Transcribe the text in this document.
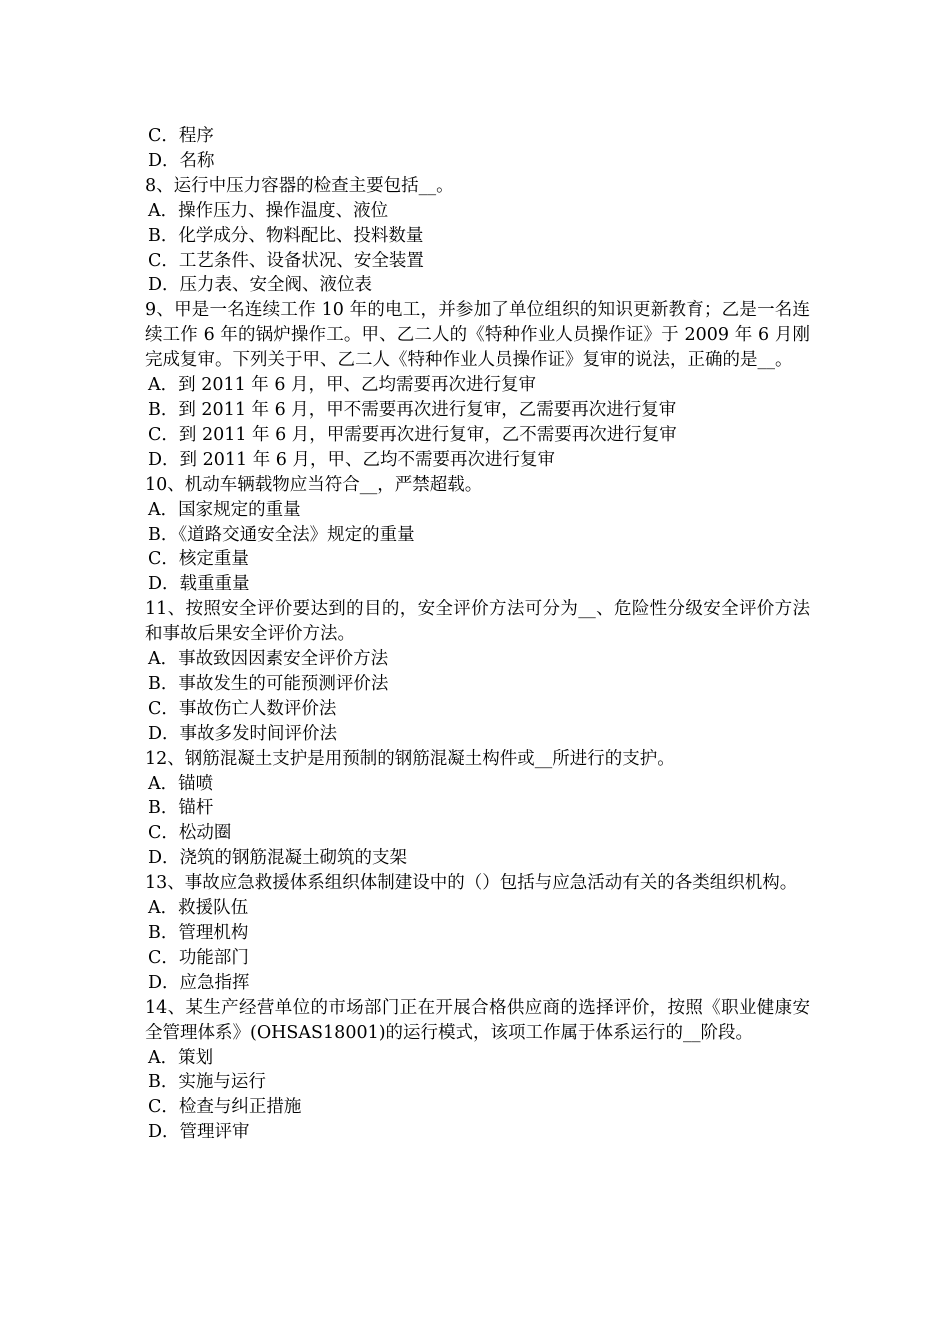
C．程序
D．名称
8、运行中压力容器的检查主要包括__。
A．操作压力、操作温度、液位
B．化学成分、物料配比、投料数量
C．工艺条件、设备状况、安全装置
D．压力表、安全阀、液位表
9、甲是一名连续工作 10 年的电工，并参加了单位组织的知识更新教育；乙是一名连续工作 6 年的锅炉操作工。甲、乙二人的《特种作业人员操作证》于 2009 年 6 月刚完成复审。下列关于甲、乙二人《特种作业人员操作证》复审的说法，正确的是__。
A．到 2011 年 6 月，甲、乙均需要再次进行复审
B．到 2011 年 6 月，甲不需要再次进行复审，乙需要再次进行复审
C．到 2011 年 6 月，甲需要再次进行复审，乙不需要再次进行复审
D．到 2011 年 6 月，甲、乙均不需要再次进行复审
10、机动车辆载物应当符合__，严禁超载。
A．国家规定的重量
B．《道路交通安全法》规定的重量
C．核定重量
D．载重重量
11、按照安全评价要达到的目的，安全评价方法可分为__、危险性分级安全评价方法和事故后果安全评价方法。
A．事故致因因素安全评价方法
B．事故发生的可能预测评价法
C．事故伤亡人数评价法
D．事故多发时间评价法
12、钢筋混凝土支护是用预制的钢筋混凝土构件或__所进行的支护。
A．锚喷
B．锚杆
C．松动圈
D．浇筑的钢筋混凝土砌筑的支架
13、事故应急救援体系组织体制建设中的（）包括与应急活动有关的各类组织机构。
A．救援队伍
B．管理机构
C．功能部门
D．应急指挥
14、某生产经营单位的市场部门正在开展合格供应商的选择评价，按照《职业健康安全管理体系》(OHSAS18001)的运行模式，该项工作属于体系运行的__阶段。
A．策划
B．实施与运行
C．检查与纠正措施
D．管理评审
